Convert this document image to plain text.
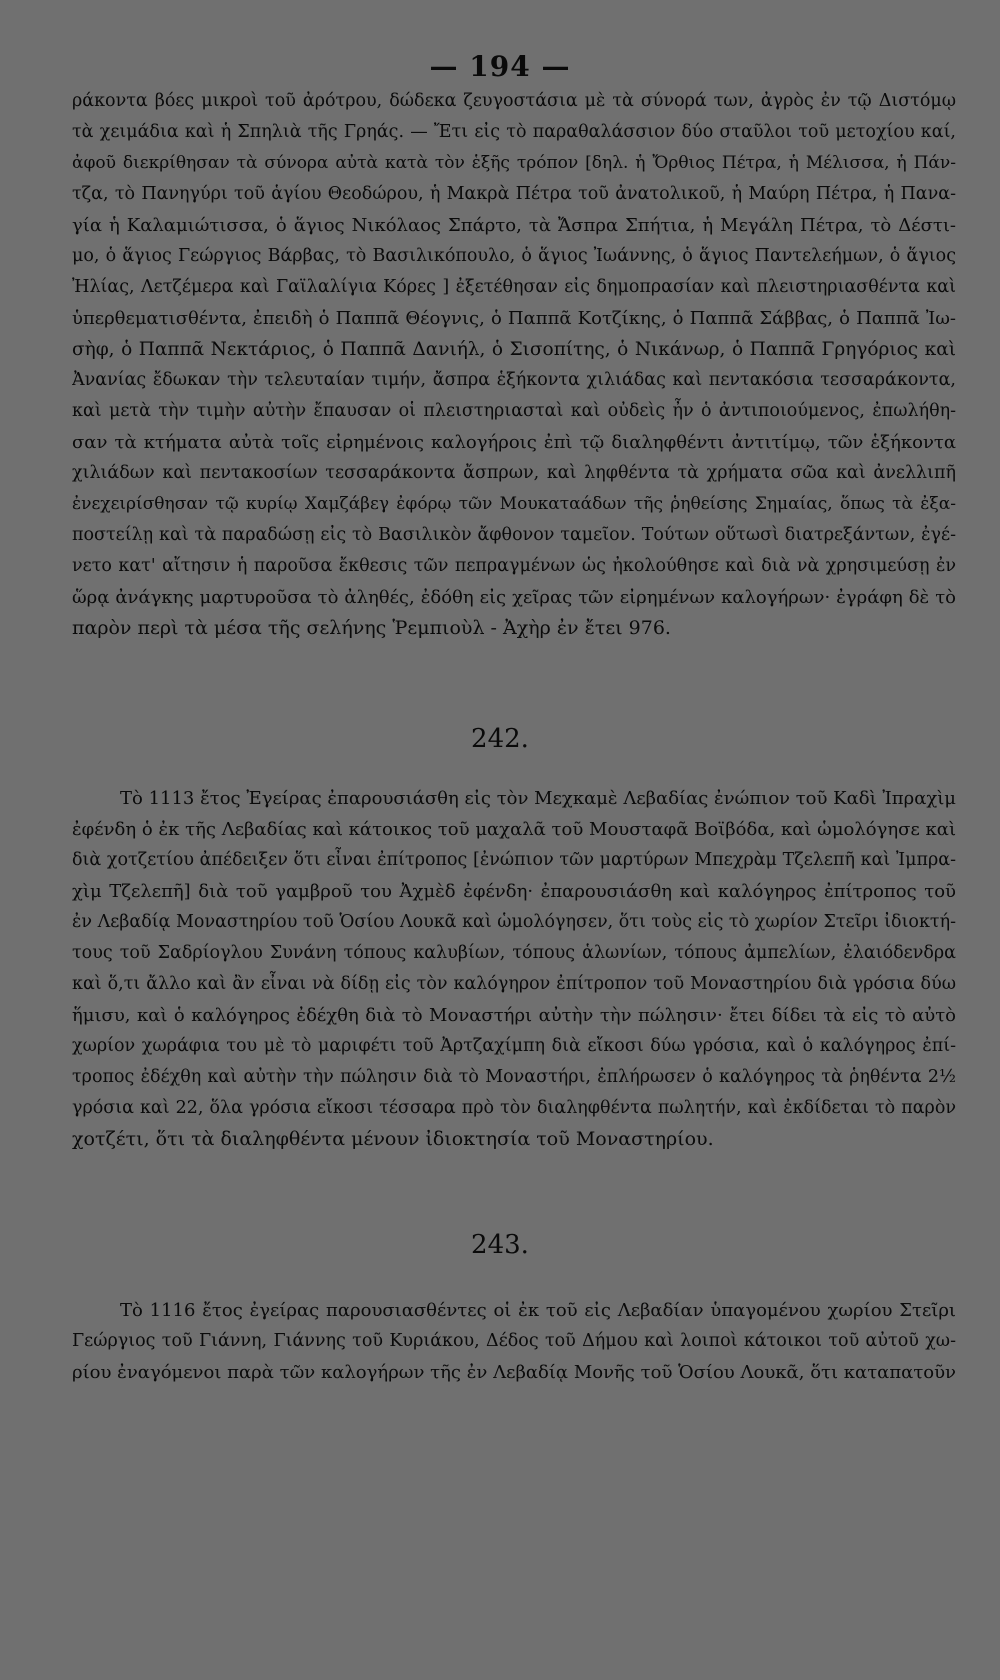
— 194 —
ράκοντα βόες μικροὶ τοῦ ἀρότρου, δώδεκα ζευγοστάσια μὲ τὰ σύνορά των, ἀγρὸς ἐν τῷ Διστόμῳ
τὰ χειμάδια καὶ ἡ Σπηλιὰ τῆς Γρηάς. — Ἔτι εἰς τὸ παραθαλάσσιον δύο σταῦλοι τοῦ μετοχίου καί,
ἀφοῦ διεκρίθησαν τὰ σύνορα αὐτὰ κατὰ τὸν ἑξῆς τρόπον [δηλ. ἡ Ὄρθιος Πέτρα, ἡ Μέλισσα, ἡ Πάν-
τζα, τὸ Πανηγύρι τοῦ ἁγίου Θεοδώρου, ἡ Μακρὰ Πέτρα τοῦ ἀνατολικοῦ, ἡ Μαύρη Πέτρα, ἡ Πανα-
γία ἡ Καλαμιώτισσα, ὁ ἅγιος Νικόλαος Σπάρτο, τὰ Ἄσπρα Σπήτια, ἡ Μεγάλη Πέτρα, τὸ Δέστι-
μο, ὁ ἅγιος Γεώργιος Βάρβας, τὸ Βασιλικόπουλο, ὁ ἅγιος Ἰωάννης, ὁ ἅγιος Παντελεήμων, ὁ ἅγιος
Ἠλίας, Λετζέμερα καὶ Γαϊλαλίγια Κόρες ] ἐξετέθησαν εἰς δημοπρασίαν καὶ πλειστηριασθέντα καὶ
ὑπερθεματισθέντα, ἐπειδὴ ὁ Παππᾶ Θέογνις, ὁ Παππᾶ Κοτζίκης, ὁ Παππᾶ Σάββας, ὁ Παππᾶ Ἰω-
σὴφ, ὁ Παππᾶ Νεκτάριος, ὁ Παππᾶ Δανιήλ, ὁ Σισοπίτης, ὁ Νικάνωρ, ὁ Παππᾶ Γρηγόριος καὶ
Ἀνανίας ἔδωκαν τὴν τελευταίαν τιμήν, ἄσπρα ἑξήκοντα χιλιάδας καὶ πεντακόσια τεσσαράκοντα,
καὶ μετὰ τὴν τιμὴν αὐτὴν ἔπαυσαν οἱ πλειστηριασταὶ καὶ οὐδεὶς ἦν ὁ ἀντιποιούμενος, ἐπωλήθη-
σαν τὰ κτήματα αὐτὰ τοῖς εἰρημένοις καλογήροις ἐπὶ τῷ διαληφθέντι ἀντιτίμῳ, τῶν ἑξήκοντα
χιλιάδων καὶ πεντακοσίων τεσσαράκοντα ἄσπρων, καὶ ληφθέντα τὰ χρήματα σῶα καὶ ἀνελλιπῆ
ἐνεχειρίσθησαν τῷ κυρίῳ Χαμζάβεγ ἐφόρῳ τῶν Μουκαταάδων τῆς ῥηθείσης Σημαίας, ὅπως τὰ ἐξα-
ποστείλῃ καὶ τὰ παραδώσῃ εἰς τὸ Βασιλικὸν ἄφθονον ταμεῖον. Τούτων οὕτωσὶ διατρεξάντων, ἐγέ-
νετο κατ' αἴτησιν ἡ παροῦσα ἔκθεσις τῶν πεπραγμένων ὡς ἠκολούθησε καὶ διὰ νὰ χρησιμεύσῃ ἐν
ὥρᾳ ἀνάγκης μαρτυροῦσα τὸ ἀληθές, ἐδόθη εἰς χεῖρας τῶν εἰρημένων καλογήρων· ἐγράφη δὲ τὸ
παρὸν περὶ τὰ μέσα τῆς σελήνης Ῥεμπιοὺλ - Ἀχὴρ ἐν ἔτει 976.
242.
Τὸ 1113 ἔτος Ἐγείρας ἐπαρουσιάσθη εἰς τὸν Μεχκαμὲ Λεβαδίας ἐνώπιον τοῦ Καδὶ Ἰπραχὶμ
ἐφένδη ὁ ἐκ τῆς Λεβαδίας καὶ κάτοικος τοῦ μαχαλᾶ τοῦ Μουσταφᾶ Βοϊβόδα, καὶ ὡμολόγησε καὶ
διὰ χοτζετίου ἀπέδειξεν ὅτι εἶναι ἐπίτροπος [ἐνώπιον τῶν μαρτύρων Μπεχρὰμ Τζελεπῆ καὶ Ἰμπρα-
χὶμ Τζελεπῆ] διὰ τοῦ γαμβροῦ του Ἀχμὲδ ἐφένδη· ἐπαρουσιάσθη καὶ καλόγηρος ἐπίτροπος τοῦ
ἐν Λεβαδίᾳ Μοναστηρίου τοῦ Ὁσίου Λουκᾶ καὶ ὡμολόγησεν, ὅτι τοὺς εἰς τὸ χωρίον Στεῖρι ἰδιοκτή-
τους τοῦ Σαδρίογλου Συνάνη τόπους καλυβίων, τόπους ἁλωνίων, τόπους ἀμπελίων, ἐλαιόδενδρα
καὶ ὅ,τι ἄλλο καὶ ἂν εἶναι νὰ δίδῃ εἰς τὸν καλόγηρον ἐπίτροπον τοῦ Μοναστηρίου διὰ γρόσια δύω
ἥμισυ, καὶ ὁ καλόγηρος ἐδέχθη διὰ τὸ Μοναστήρι αὐτὴν τὴν πώλησιν· ἔτει δίδει τὰ εἰς τὸ αὐτὸ
χωρίον χωράφια του μὲ τὸ μαριφέτι τοῦ Ἀρτζαχίμπη διὰ εἴκοσι δύω γρόσια, καὶ ὁ καλόγηρος ἐπί-
τροπος ἐδέχθη καὶ αὐτὴν τὴν πώλησιν διὰ τὸ Μοναστήρι, ἐπλήρωσεν ὁ καλόγηρος τὰ ῥηθέντα 2½
γρόσια καὶ 22, ὅλα γρόσια εἴκοσι τέσσαρα πρὸ τὸν διαληφθέντα πωλητήν, καὶ ἐκδίδεται τὸ παρὸν
χοτζέτι, ὅτι τὰ διαληφθέντα μένουν ἰδιοκτησία τοῦ Μοναστηρίου.
243.
Τὸ 1116 ἔτος ἐγείρας παρουσιασθέντες οἱ ἐκ τοῦ εἰς Λεβαδίαν ὑπαγομένου χωρίου Στεῖρι
Γεώργιος τοῦ Γιάννη, Γιάννης τοῦ Κυριάκου, Δέδος τοῦ Δήμου καὶ λοιποὶ κάτοικοι τοῦ αὐτοῦ χω-
ρίου ἐναγόμενοι παρὰ τῶν καλογήρων τῆς ἐν Λεβαδίᾳ Μονῆς τοῦ Ὁσίου Λουκᾶ, ὅτι καταπατοῦν
